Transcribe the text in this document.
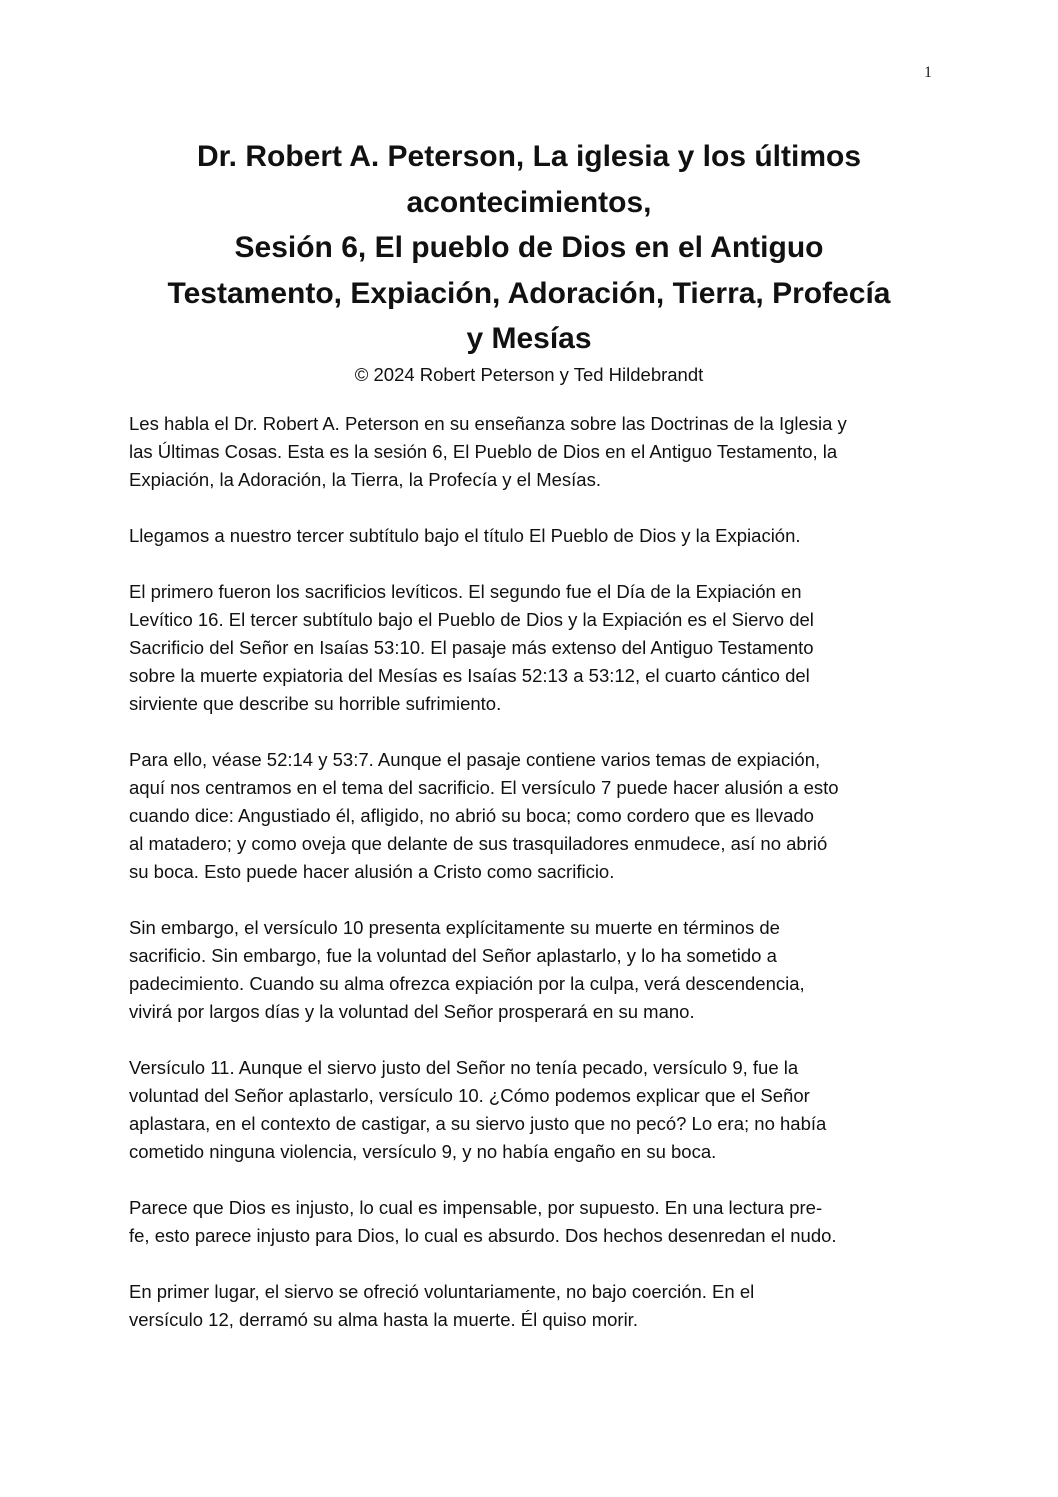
1
Dr. Robert A. Peterson, La iglesia y los últimos
acontecimientos,
Sesión 6, El pueblo de Dios en el Antiguo
Testamento, Expiación, Adoración, Tierra, Profecía
y Mesías
© 2024 Robert Peterson y Ted Hildebrandt
Les habla el Dr. Robert A. Peterson en su enseñanza sobre las Doctrinas de la Iglesia y
las Últimas Cosas. Esta es la sesión 6, El Pueblo de Dios en el Antiguo Testamento, la
Expiación, la Adoración, la Tierra, la Profecía y el Mesías.
Llegamos a nuestro tercer subtítulo bajo el título El Pueblo de Dios y la Expiación.
El primero fueron los sacrificios levíticos. El segundo fue el Día de la Expiación en
Levítico 16. El tercer subtítulo bajo el Pueblo de Dios y la Expiación es el Siervo del
Sacrificio del Señor en Isaías 53:10. El pasaje más extenso del Antiguo Testamento
sobre la muerte expiatoria del Mesías es Isaías 52:13 a 53:12, el cuarto cántico del
sirviente que describe su horrible sufrimiento.
Para ello, véase 52:14 y 53:7. Aunque el pasaje contiene varios temas de expiación,
aquí nos centramos en el tema del sacrificio. El versículo 7 puede hacer alusión a esto
cuando dice: Angustiado él, afligido, no abrió su boca; como cordero que es llevado
al matadero; y como oveja que delante de sus trasquiladores enmudece, así no abrió
su boca. Esto puede hacer alusión a Cristo como sacrificio.
Sin embargo, el versículo 10 presenta explícitamente su muerte en términos de
sacrificio. Sin embargo, fue la voluntad del Señor aplastarlo, y lo ha sometido a
padecimiento. Cuando su alma ofrezca expiación por la culpa, verá descendencia,
vivirá por largos días y la voluntad del Señor prosperará en su mano.
Versículo 11. Aunque el siervo justo del Señor no tenía pecado, versículo 9, fue la
voluntad del Señor aplastarlo, versículo 10. ¿Cómo podemos explicar que el Señor
aplastara, en el contexto de castigar, a su siervo justo que no pecó? Lo era; no había
cometido ninguna violencia, versículo 9, y no había engaño en su boca.
Parece que Dios es injusto, lo cual es impensable, por supuesto. En una lectura pre-
fe, esto parece injusto para Dios, lo cual es absurdo. Dos hechos desenredan el nudo.
En primer lugar, el siervo se ofreció voluntariamente, no bajo coerción. En el
versículo 12, derramó su alma hasta la muerte. Él quiso morir.
